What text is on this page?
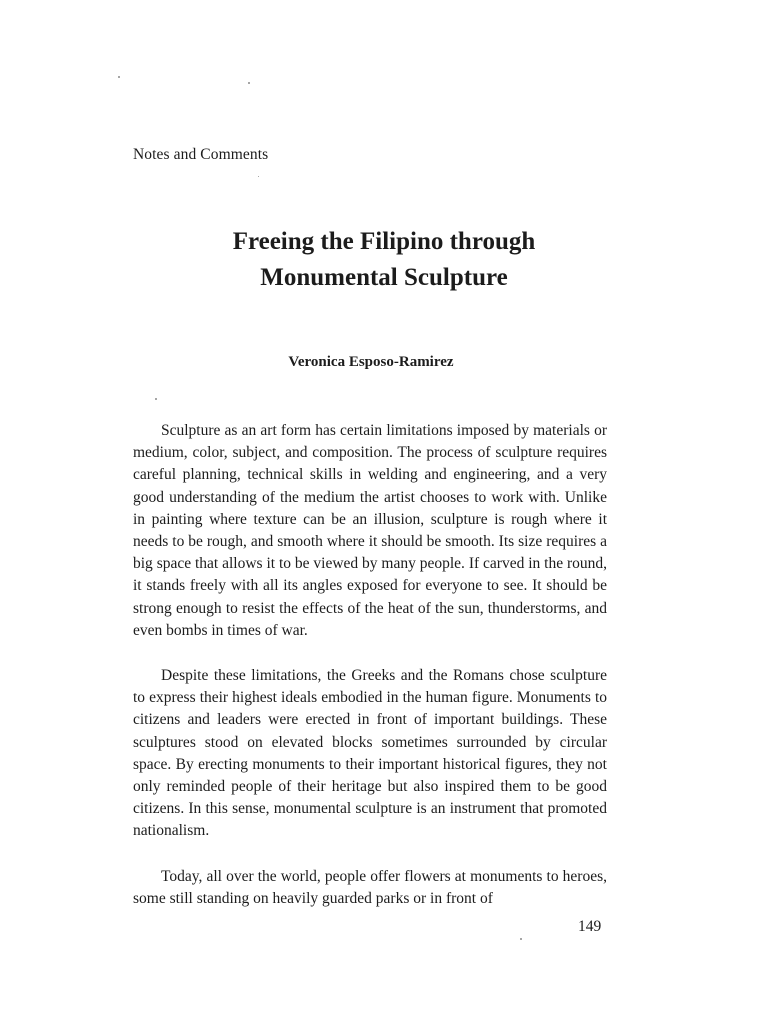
Notes and Comments
Freeing the Filipino through
Monumental Sculpture
Veronica Esposo-Ramirez

Sculpture as an art form has certain limitations imposed by materials or medium, color, subject, and composition. The process of sculpture requires careful planning, technical skills in welding and engineering, and a very good understanding of the medium the artist chooses to work with. Unlike in painting where texture can be an illusion, sculpture is rough where it needs to be rough, and smooth where it should be smooth. Its size requires a big space that allows it to be viewed by many people. If carved in the round, it stands freely with all its angles exposed for everyone to see. It should be strong enough to resist the effects of the heat of the sun, thunderstorms, and even bombs in times of war.

Despite these limitations, the Greeks and the Romans chose sculpture to express their highest ideals embodied in the human figure. Monuments to citizens and leaders were erected in front of important buildings. These sculptures stood on elevated blocks sometimes surrounded by circular space. By erecting monuments to their important historical figures, they not only reminded people of their heritage but also inspired them to be good citizens. In this sense, monumental sculpture is an instrument that promoted nationalism.

Today, all over the world, people offer flowers at monuments to heroes, some still standing on heavily guarded parks or in front of

149
